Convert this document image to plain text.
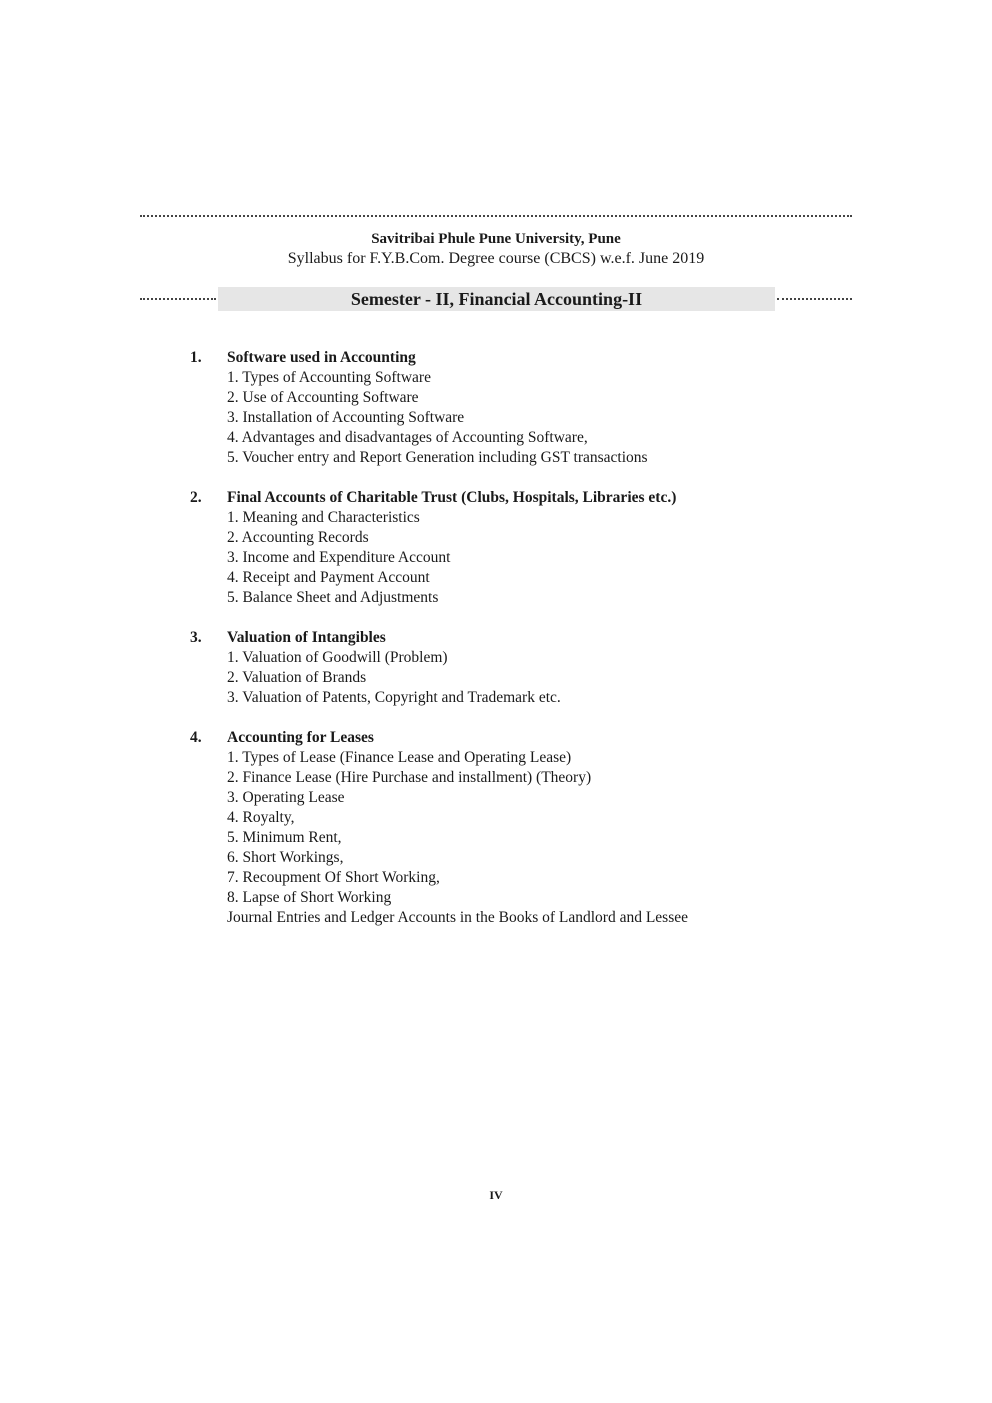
Savitribai Phule Pune University, Pune
Syllabus for F.Y.B.Com. Degree course (CBCS) w.e.f. June 2019
Semester - II, Financial Accounting-II
1. Software used in Accounting
1. Types of Accounting Software
2. Use of Accounting Software
3. Installation of Accounting Software
4. Advantages and disadvantages of Accounting Software,
5. Voucher entry and Report Generation including GST transactions
2. Final Accounts of Charitable Trust (Clubs, Hospitals, Libraries etc.)
1. Meaning and Characteristics
2. Accounting Records
3. Income and Expenditure Account
4. Receipt and Payment Account
5. Balance Sheet and Adjustments
3. Valuation of Intangibles
1. Valuation of Goodwill (Problem)
2. Valuation of Brands
3. Valuation of Patents, Copyright and Trademark etc.
4. Accounting for Leases
1. Types of Lease (Finance Lease and Operating Lease)
2. Finance Lease (Hire Purchase and installment) (Theory)
3. Operating Lease
4. Royalty,
5. Minimum Rent,
6. Short Workings,
7. Recoupment Of Short Working,
8. Lapse of Short Working
Journal Entries and Ledger Accounts in the Books of Landlord and Lessee
IV
